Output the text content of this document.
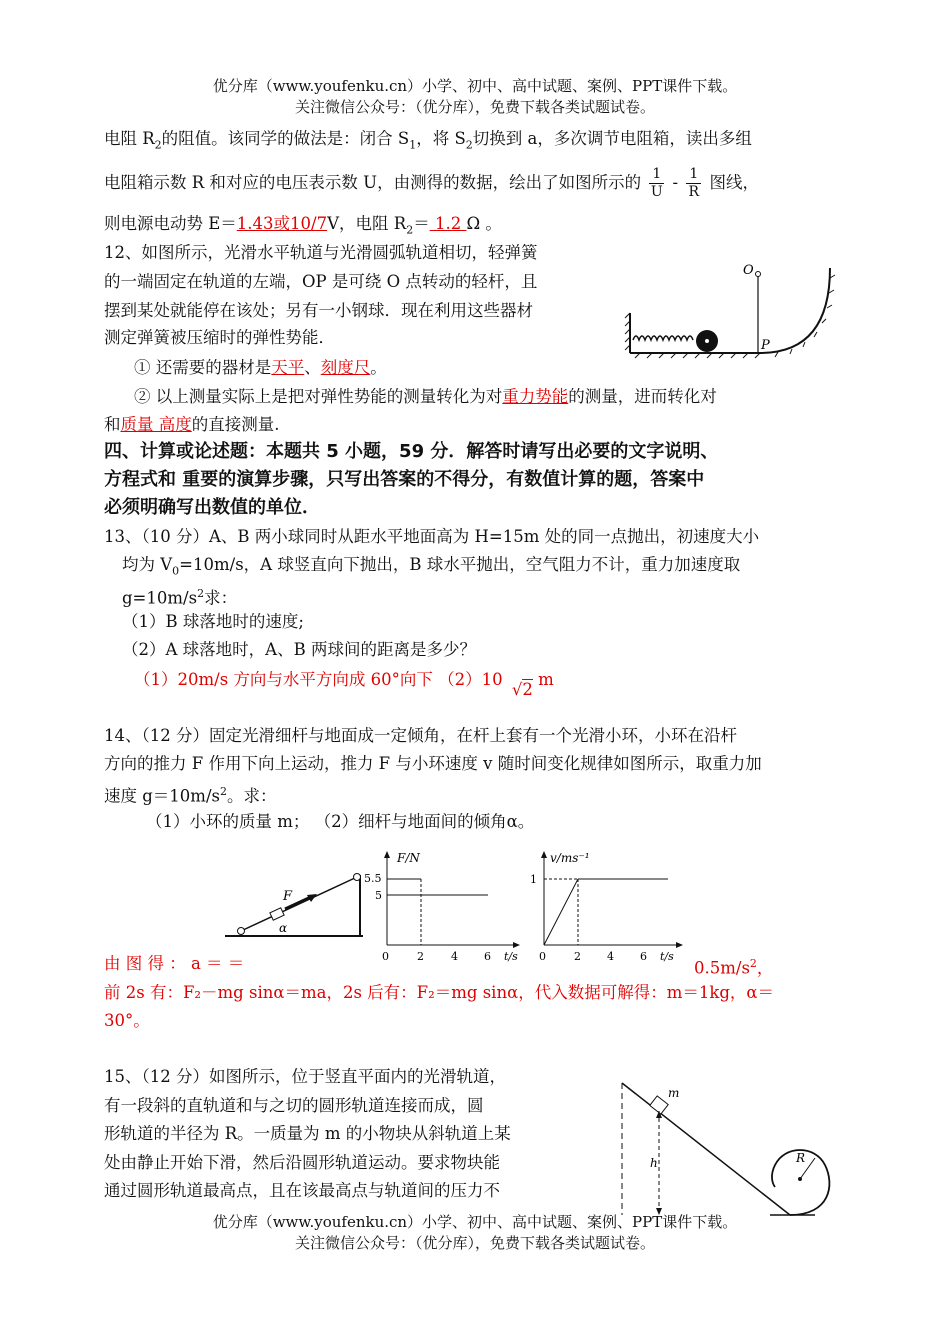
优分库（www.youfenku.cn）小学、初中、高中试题、案例、PPT课件下载。
关注微信公众号：（优分库），免费下载各类试题试卷。
电阻 $R_2$的阻值。该同学的做法是：闭合 $S_1$，将 $S_2$切换到 a，多次调节电阻箱，读出多组
电阻箱示数 R 和对应的电压表示数 U，由测得的数据，绘出了如图所示的 $\frac{1}{U} - \frac{1}{R}$ 图线，
则电源电动势 E＝1.43或10/7V，电阻 $R_2= 1.2$ Ω 。
12、如图所示，光滑水平轨道与光滑圆弧轨道相切，轻弹簧
的一端固定在轨道的左端，OP 是可绕 O 点转动的轻杆，且
摆到某处就能停在该处；另有一小钢球．现在利用这些器材
测定弹簧被压缩时的弹性势能．
① 还需要的器材是天平、刻度尺。
② 以上测量实际上是把对弹性势能的测量转化为对重力势能的测量，进而转化对
和质量 高度的直接测量.
O
P
四、计算或论述题：本题共 5 小题，59 分．解答时请写出必要的文字说明、
方程式和 重要的演算步骤，只写出答案的不得分，有数值计算的题，答案中
必须明确写出数值的单位．
13、（10 分）A、B 两小球同时从距水平地面高为 H=15m 处的同一点抛出，初速度大小
均为 $V_0=10m/s$，A 球竖直向下抛出，B 球水平抛出，空气阻力不计，重力加速度取
$g=10m/s^2$求：
（1）B 球落地时的速度;
（2）A 球落地时，A、B 两球间的距离是多少？
（1）20m/s 方向与水平方向成 60°向下 （2）10 √2 m
14、（12 分）固定光滑细杆与地面成一定倾角，在杆上套有一个光滑小环，小环在沿杆
方向的推力 F 作用下向上运动，推力 F 与小环速度 v 随时间变化规律如图所示，取重力加
速度 $g=10m/s^2$。求：
（1）小环的质量 m； （2）细杆与地面间的倾角α。
F
α
F/N
5.5
5
0	2 4 6 t/s
v/ms⁻¹
1
0	2 4 6 t/s
由 图 得 ： a ＝ ＝	$0.5m/s^2$，
前 2s 有：F₂－mg sinα＝ma，2s 后有：F₂＝mg sinα，代入数据可解得：m＝1kg，α＝
30°。
15、（12 分）如图所示，位于竖直平面内的光滑轨道，
有一段斜的直轨道和与之切的圆形轨道连接而成，圆
形轨道的半径为 R。一质量为 m 的小物块从斜轨道上某
处由静止开始下滑，然后沿圆形轨道运动。要求物块能
通过圆形轨道最高点，且在该最高点与轨道间的压力不
m
h	R
优分库（www.youfenku.cn）小学、初中、高中试题、案例、PPT课件下载。
关注微信公众号：（优分库），免费下载各类试题试卷。
